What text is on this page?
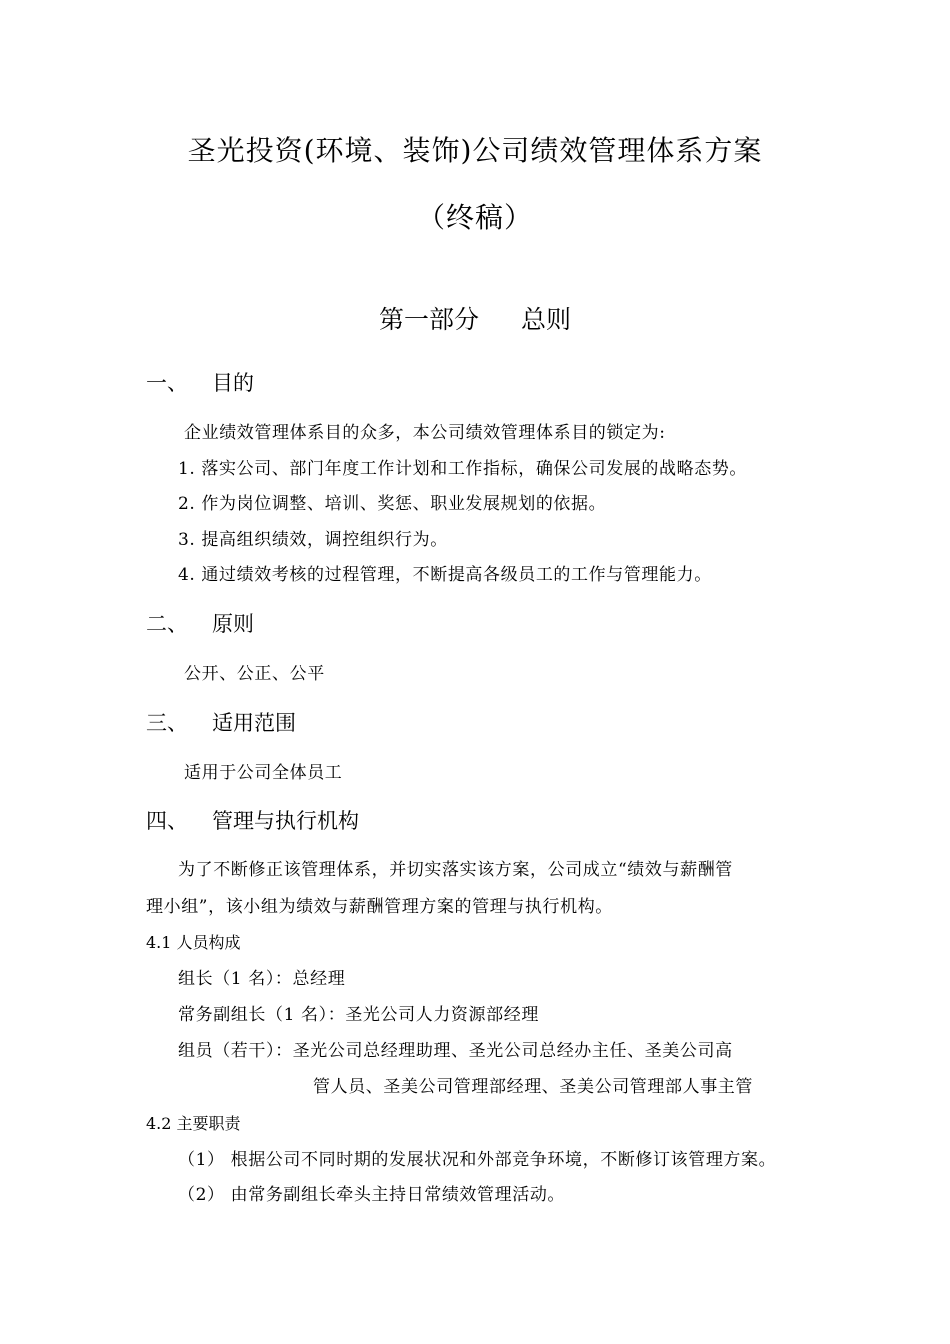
圣光投资(环境、装饰)公司绩效管理体系方案
（终稿）
第一部分 总则
一、 目的
企业绩效管理体系目的众多，本公司绩效管理体系目的锁定为:
1. 落实公司、部门年度工作计划和工作指标，确保公司发展的战略态势。
2. 作为岗位调整、培训、奖惩、职业发展规划的依据。
3. 提高组织绩效，调控组织行为。
4. 通过绩效考核的过程管理，不断提高各级员工的工作与管理能力。
二、 原则
公开、公正、公平
三、 适用范围
适用于公司全体员工
四、 管理与执行机构
为了不断修正该管理体系，并切实落实该方案，公司成立“绩效与薪酬管
理小组”，该小组为绩效与薪酬管理方案的管理与执行机构。
4.1 人员构成
组长（1 名）：总经理
常务副组长（1 名）：圣光公司人力资源部经理
组员（若干）：圣光公司总经理助理、圣光公司总经办主任、圣美公司高
管人员、圣美公司管理部经理、圣美公司管理部人事主管
4.2 主要职责
（1） 根据公司不同时期的发展状况和外部竞争环境，不断修订该管理方案。
（2） 由常务副组长牵头主持日常绩效管理活动。
